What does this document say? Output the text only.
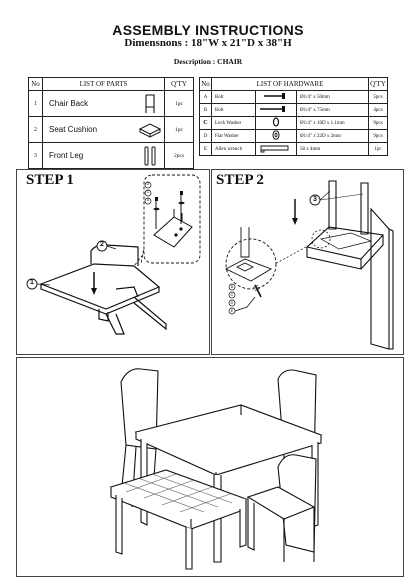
ASSEMBLY INSTRUCTIONS
Dimensnons : 18"W x 21"D x 38"H
Description : CHAIR
No	LIST OF PARTS	Q'TY
1	Chair Back	1pc
2	Seat Cushion	1pc
3	Front Leg	2pcs
No	LIST OF HARDWARE			Q'TY
A	Bolt		Ø1/4" x 50mm	5pcs
B	Bolt		Ø1/4" x 75mm	4pcs
C	Lock Washer		Ø1/4" x 10D x 1.1mm	9pcs
D	Flat Washer		Ø1/4" x 22D x 2mm	9pcs
E	Allen wrench		58 x 4mm	1pc
STEP 1
2
1
D
C
A
STEP 2
3
B
C
D
E
